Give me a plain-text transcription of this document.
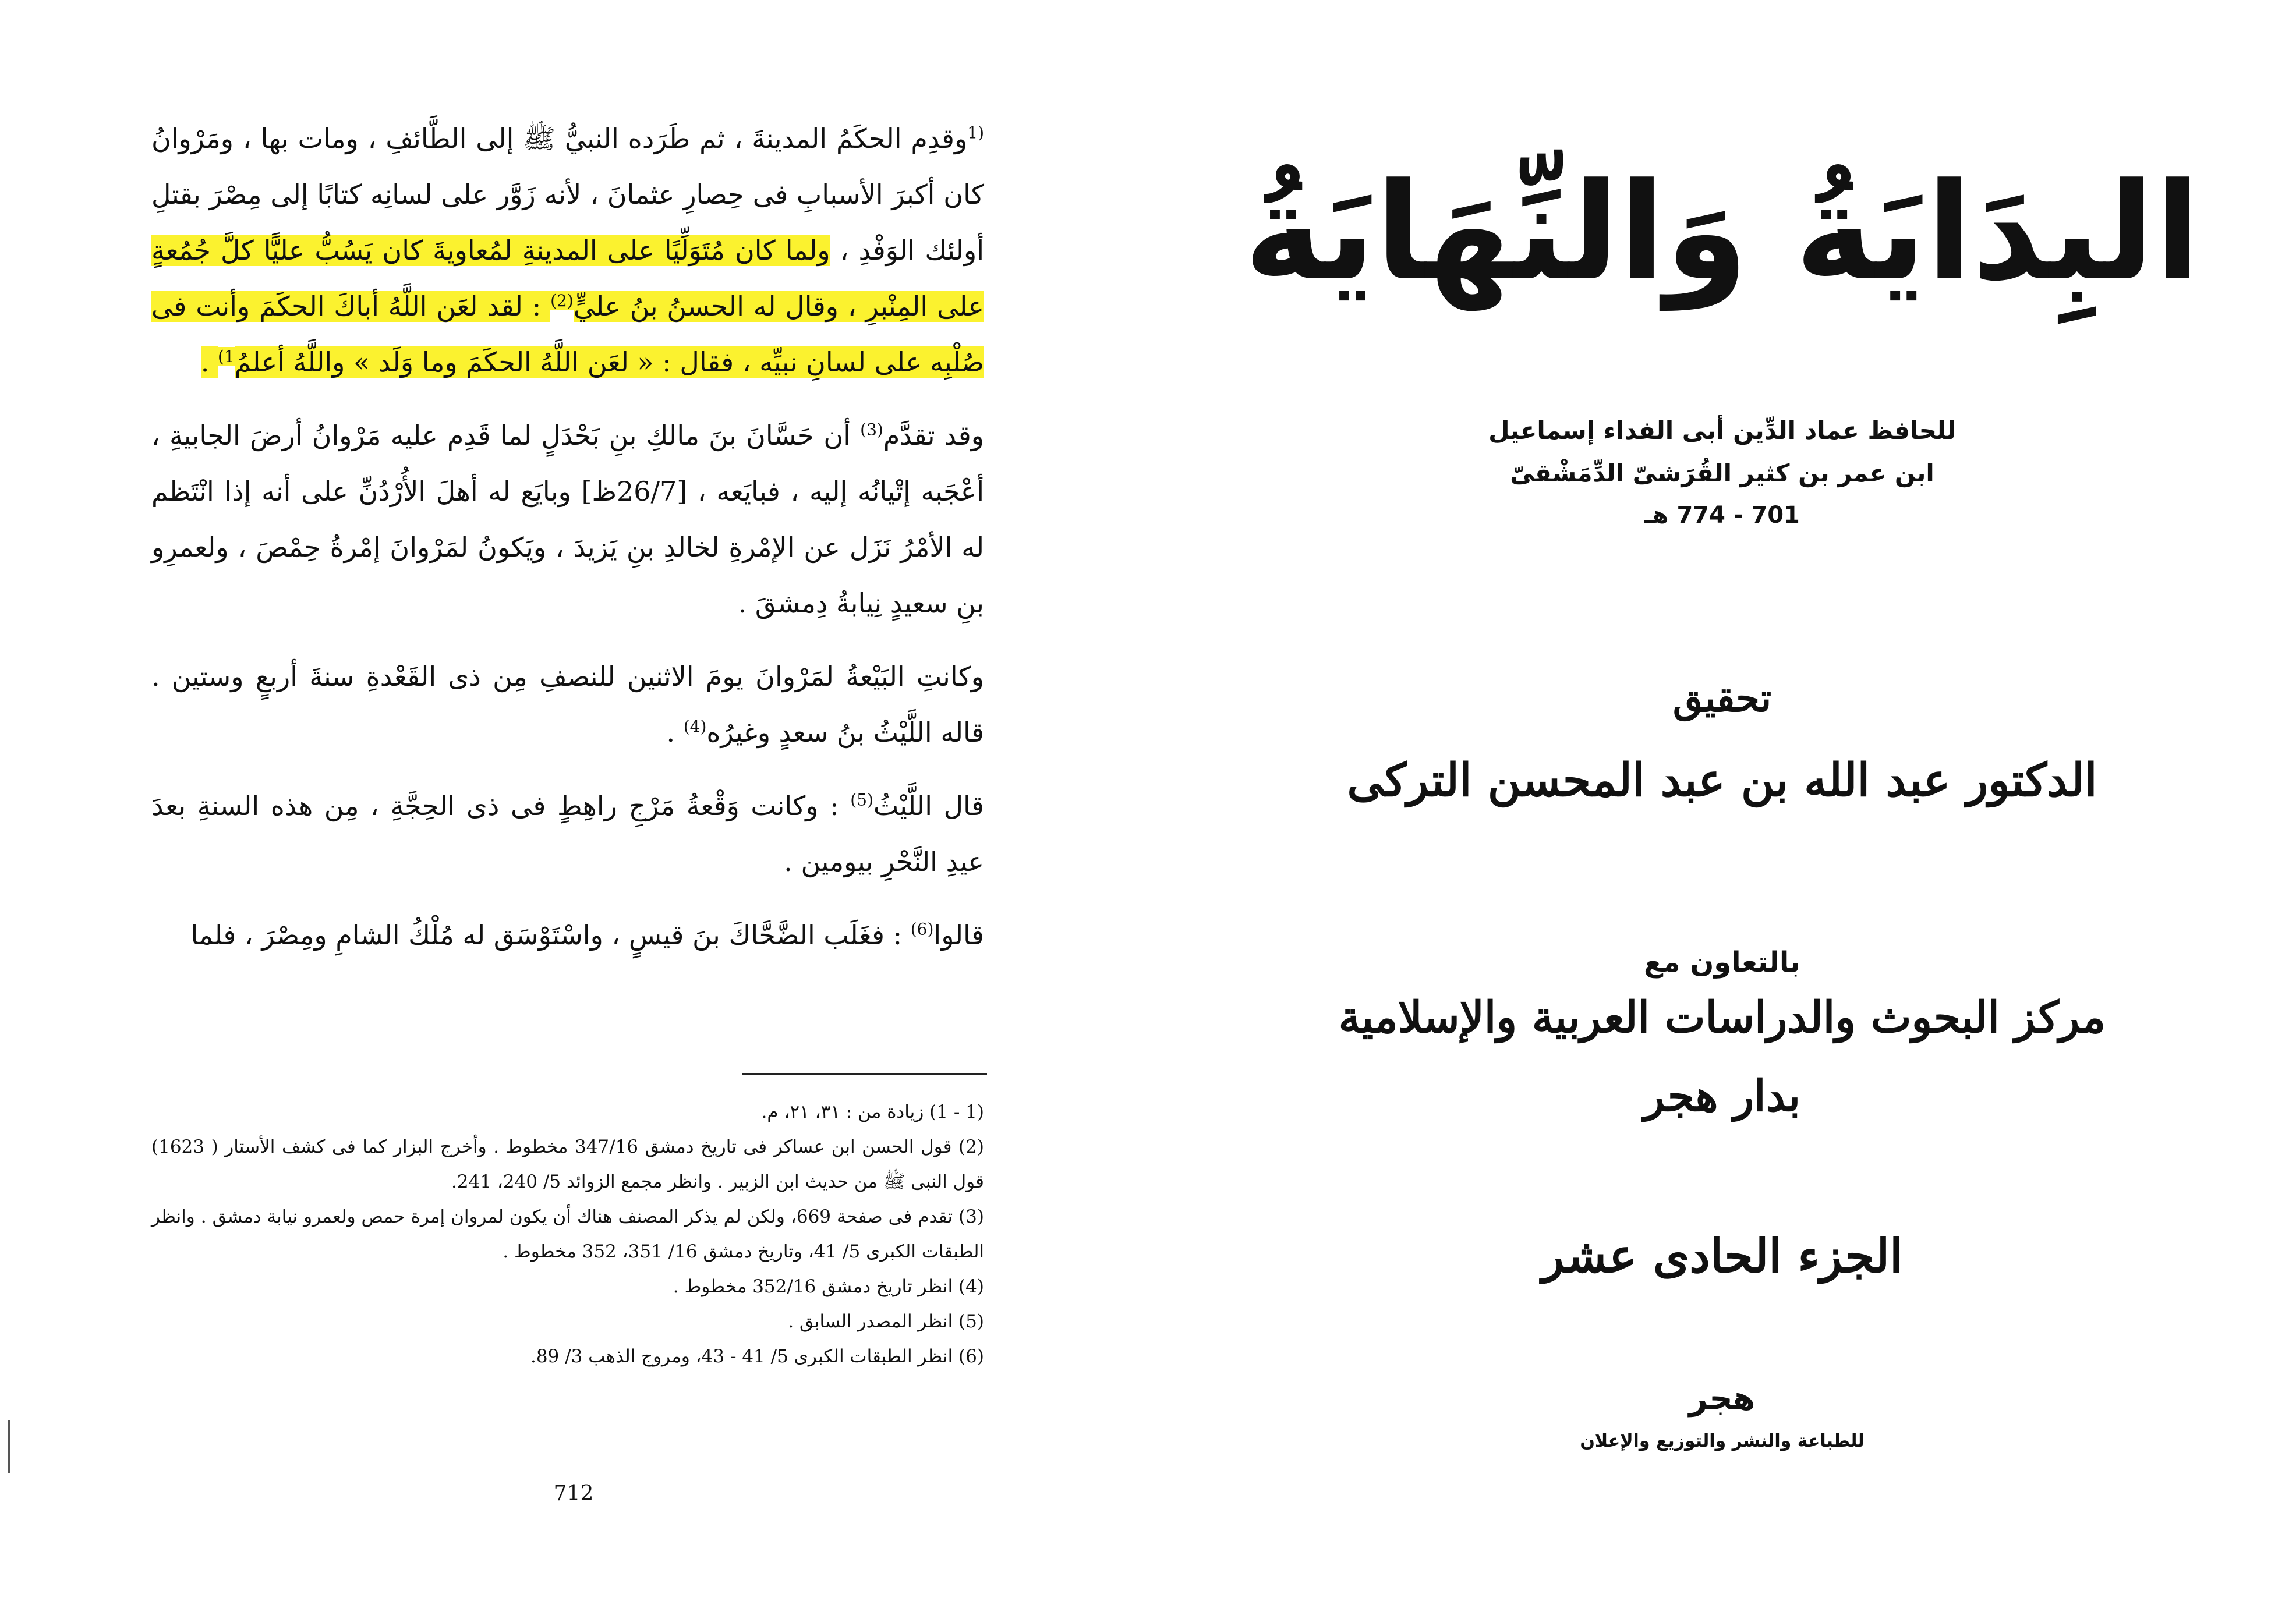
$^{(1}$وقدِم الحكَمُ المدينةَ ، ثم طَرَده النبيُّ ﷺ إلى الطَّائفِ ، ومات بها ، ومَرْوانُ كان أكبرَ الأسبابِ فى حِصارِ عثمانَ ، لأنه زَوَّر على لسانِه كتابًا إلى مِصْرَ بقتلِ أولئك الوَفْدِ ، ولما كان مُتَوَلِّيًا على المدينةِ لمُعاويةَ كان يَسُبُّ عليًّا كلَّ جُمُعةٍ على المِنْبرِ ، وقال له الحسنُ بنُ عليٍّ$^{(2)}$ : لقد لعَن اللَّهُ أباكَ الحكَمَ وأنت فى صُلْبِه على لسانِ نبيِّه ، فقال : « لعَن اللَّهُ الحكَمَ وما وَلَد » واللَّهُ أعلمُ$^{1)}$ .

وقد تقدَّم$^{(3)}$ أن حَسَّانَ بنَ مالكِ بنِ بَحْدَلٍ لما قَدِم عليه مَرْوانُ أرضَ الجابيةِ ، أعْجَبه إتْيانُه إليه ، فبايَعه ، [26/7ظ] وبايَع له أهلَ الأُرْدُنِّ على أنه إذا انْتَظم له الأمْرُ نَزَل عن الإمْرةِ لخالدِ بنِ يَزيدَ ، ويَكونُ لمَرْوانَ إمْرةُ حِمْصَ ، ولعمرِو بنِ سعيدٍ نِيابةُ دِمشقَ .

وكانتِ البَيْعةُ لمَرْوانَ يومَ الاثنين للنصفِ مِن ذى القَعْدةِ سنةَ أربعٍ وستين . قاله اللَّيْثُ بنُ سعدٍ وغيرُه$^{(4)}$ .

قال اللَّيْثُ$^{(5)}$ : وكانت وَقْعةُ مَرْجِ راهِطٍ فى ذى الحِجَّةِ ، مِن هذه السنةِ بعدَ عيدِ النَّحْرِ بيومين .

قالوا$^{(6)}$ : فغَلَب الضَّحَّاكَ بنَ قيسٍ ، واسْتَوْسَق له مُلْكُ الشامِ ومِصْرَ ، فلما

(1 - 1) زيادة من : ۳۱، ۲۱، م.

(2) قول الحسن ابن عساكر فى تاريخ دمشق 347/16 مخطوط . وأخرج البزار كما فى كشف الأستار ( 1623) قول النبى ﷺ من حديث ابن الزبير . وانظر مجمع الزوائد 5/ 240، 241.

(3) تقدم فى صفحة 669، ولكن لم يذكر المصنف هناك أن يكون لمروان إمرة حمص ولعمرو نيابة دمشق . وانظر الطبقات الكبرى 5/ 41، وتاريخ دمشق 16/ 351، 352 مخطوط .

(4) انظر تاريخ دمشق 352/16 مخطوط .

(5) انظر المصدر السابق .

(6) انظر الطبقات الكبرى 5/ 41 - 43، ومروج الذهب 3/ 89.

712
البِدَايَةُ وَالنِّهَايَةُ
للحافظ عماد الدِّين أبى الفداء إسماعيل
ابن عمر بن كثير القُرَشىّ الدِّمَشْقىّ
701 - 774 هـ
تحقيق
الدكتور عبد الله بن عبد المحسن التركى
بالتعاون مع
مركز البحوث والدراسات العربية والإسلامية
بدار هجر
الجزء الحادى عشر
هجر
للطباعة والنشر والتوزيع والإعلان
